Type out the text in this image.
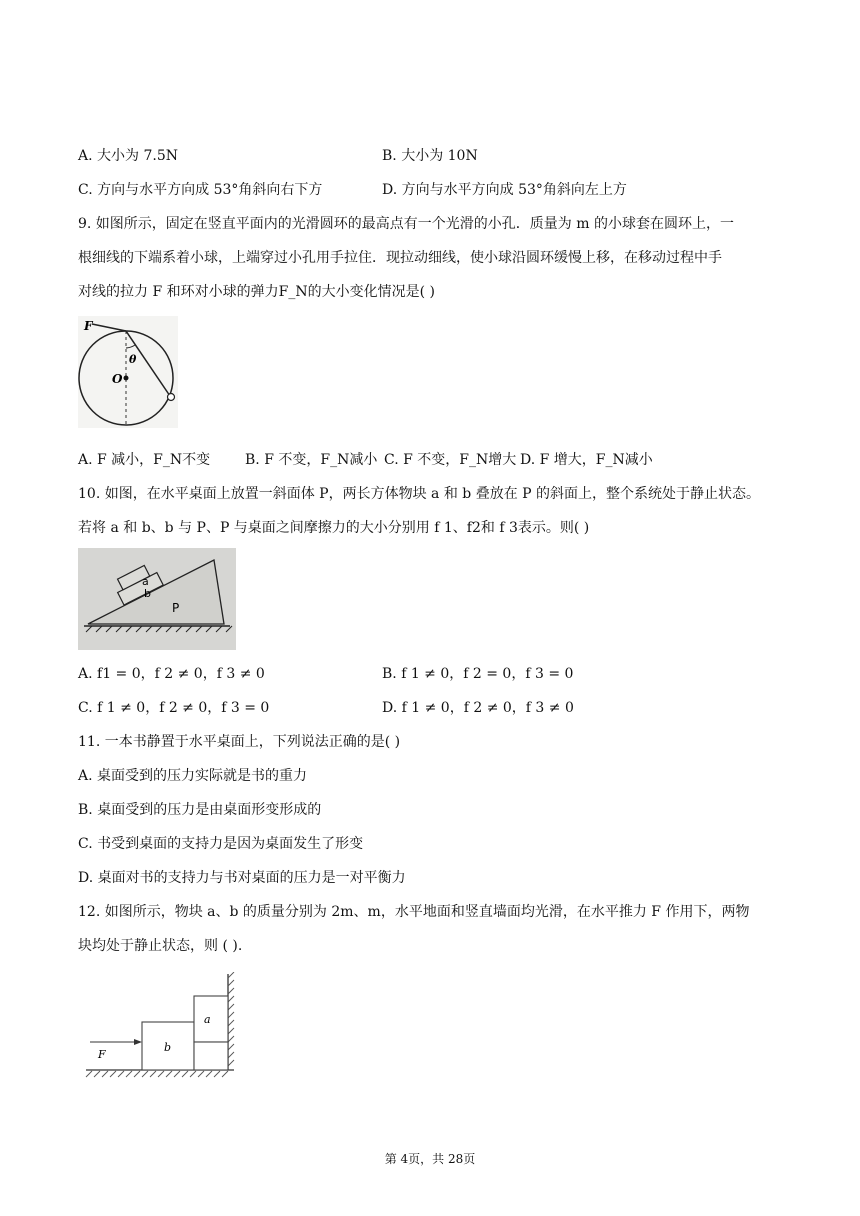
A. 大小为 7.5N	B. 大小为 10N
C. 方向与水平方向成 53°角斜向右下方	D. 方向与水平方向成 53°角斜向左上方
9. 如图所示，固定在竖直平面内的光滑圆环的最高点有一个光滑的小孔．质量为 m 的小球套在圆环上，一
根细线的下端系着小球，上端穿过小孔用手拉住．现拉动细线，使小球沿圆环缓慢上移，在移动过程中手
对线的拉力 F 和环对小球的弹力F_N的大小变化情况是( )
F
θ
O
A. F 减小，F_N不变 B. F 不变，F_N减小 C. F 不变，F_N增大 D. F 增大，F_N减小
10. 如图，在水平桌面上放置一斜面体 P，两长方体物块 a 和 b 叠放在 P 的斜面上，整个系统处于静止状态。
若将 a 和 b、b 与 P、P 与桌面之间摩擦力的大小分别用 f 1、f2和 f 3表示。则( )
a
b
P
A. f1 = 0，f 2 ≠ 0，f 3 ≠ 0	B. f 1 ≠ 0，f 2 = 0，f 3 = 0
C. f 1 ≠ 0，f 2 ≠ 0，f 3 = 0	D. f 1 ≠ 0，f 2 ≠ 0，f 3 ≠ 0
11. 一本书静置于水平桌面上，下列说法正确的是( )
A. 桌面受到的压力实际就是书的重力
B. 桌面受到的压力是由桌面形变形成的
C. 书受到桌面的支持力是因为桌面发生了形变
D. 桌面对书的支持力与书对桌面的压力是一对平衡力
12. 如图所示，物块 a、b 的质量分别为 2m、m，水平地面和竖直墙面均光滑，在水平推力 F 作用下，两物
块均处于静止状态，则 ( ).
F
b
a
第 4页，共 28页
